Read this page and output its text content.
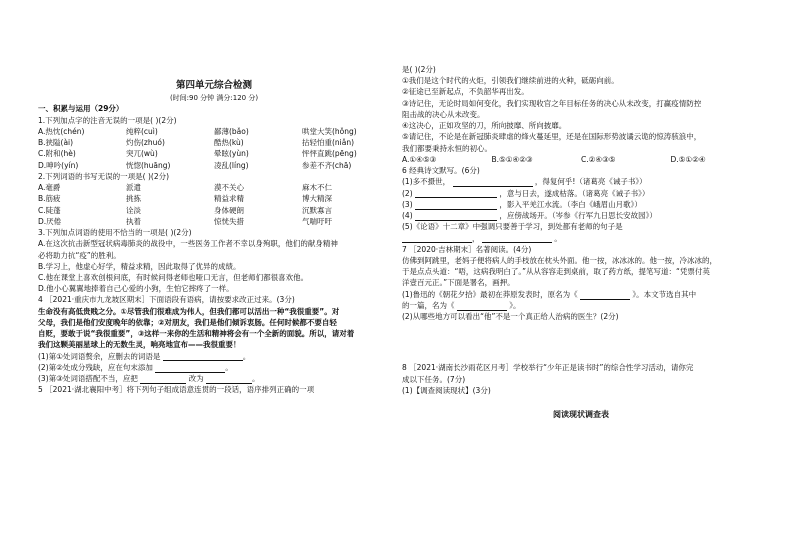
第四单元综合检测
(时间:90 分钟 满分:120 分)
一、积累与运用（29分）

1.下列加点字的注音无误的一项是( )(2分)

A.热忱(chén)	纯粹(cuì)	鄙薄(bǎo)	哄堂大笑(hǒng)
B.狭隘(ài)	灼伤(zhuó)	酷热(kù)	拈轻怕重(niǎn)
C.附和(hè)	突兀(wù)	晕眩(yùn)	怦怦直跳(pēng)
D.呻吟(yín)	恍惚(huāng)	凌乱(líng)	参差不齐(chā)

2.下列词语的书写无误的一项是( )(2分)

A.毫爵	派遣	漠不关心	麻木不仁
B.筋疲	挑拣	精益求精	博大精深
C.陡蓬	诠淡	身体硬朗	沉默寡言
D.厌倦	执着	惊恍失措	气喘吁吁

3.下列加点词语的使用不恰当的一项是( )(2分)

A.在这次抗击新型冠状病毒肺炎的战役中，一些医务工作者不幸以身殉职，他们的献身精神

必将助力抗“疫”的胜利。

B.学习上，他虚心好学，精益求精，因此取得了优异的成绩。

C.他在课堂上喜欢创根问底，有时候问得老师也哑口无言，但老师们都很喜欢他。

D.他小心翼翼地捧着自己心爱的小狗，生怕它摔疼了一样。

4 ［2021·重庆市九龙坡区期末］下面语段有语病，请按要求改正过来。(3分)

生命没有高低贵贱之分。①尽管我们很难成为伟人，但我们都可以活出一种“我很重要”。对

父母，我们是他们安度晚年的依靠；②对朋友，我们是他们倾诉衷肠。任何时候都不要自轻

自贬，要敢于说“我很重要”，③这样一来你的生活和精神将会有一个全新的面貌。所以，请对着

我们这颗美丽星球上的无数生灵，响亮地宣布——我很重要！

(1)第①处词语赘余，应删去的词语是	。

(2)第②处成分残缺，应在句末添加	。

(3)第③处词语搭配不当，应把	改为	。

5 ［2021·湖北襄阳中考］将下列句子组成语意连贯的一段话，语序排列正确的一项

是( )(2分)

①我们是这个时代的火炬，引领我们继续前进的火种，砥砺向前。

②征途已至新起点，不负韶华再出发。

③诗记住，无论时局如何变化，我们实现收官之年目标任务的决心从未改变，打赢疫情防控

阻击战的决心从未改变。

④这决心，正如攻坚的刀，所向披靡、所向披靡。

⑤请记住，不论是在新冠肺炎肆虐的烽火蔓延里，还是在国际形势波谲云诡的惊涛骇浪中，

我们都要秉持永恒的初心。

A.①④⑤③	B.⑤①④②③	C.②④③⑤	D.⑤①②④

6 经典诗文默写。(6分)

(1)多不摄世，	，得复何乎!（诸葛亮《诫子书》）

(2)	，意与日去，遂成枯落。（诸葛亮《诫子书》）

(3)	，影入平羌江水流。（李白《峨眉山月歌》）

(4)	，应傍战场开。（岑参《行军九日思长安故园》）

(5)《论语》十二章》中强调只要善于学习，到处都有老师的句子是

，	。

7 ［2020·吉林期末］名著阅读。(4分)

仿佛到阿跳里，老妈子便将病人的手枝放在枕头外面。他一按，冰冰冰的。他一按，冷冰冰的，

于是点点头道：“唔，这病我明白了。”从从容容走到桌前，取了药方纸，提笔写道：“凭票付英

洋壹百元正。”下面是署名，画押。

(1)鲁迅的《朝花夕拾》最初在莽原发表时，原名为《	》。本文节选自其中

的一篇，名为《	》。

(2)从哪些地方可以看出“他”不是一个真正给人治病的医生？(2分)

8 ［2021·湖南长沙雨花区月考］学校举行“少年正是读书时”的综合性学习活动，请你完

成以下任务。(7分)

(1)【调查阅读现状】(3分)

阅读现状调查表
